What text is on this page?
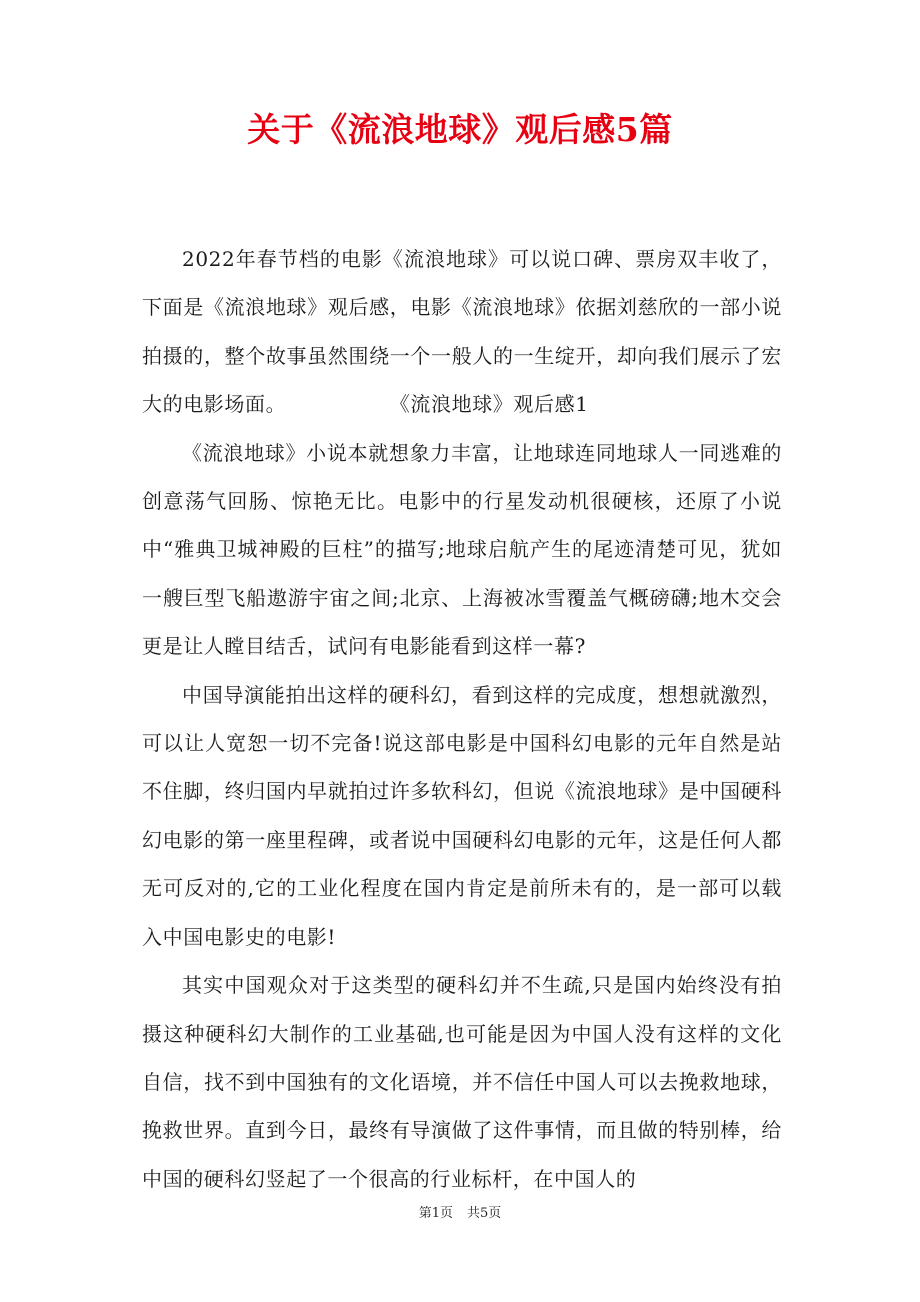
关于《流浪地球》观后感5篇

2022年春节档的电影《流浪地球》可以说口碑、票房双丰收了，下面是《流浪地球》观后感，电影《流浪地球》依据刘慈欣的一部小说拍摄的，整个故事虽然围绕一个一般人的一生绽开，却向我们展示了宏大的电影场面。　　　　　　《流浪地球》观后感1

《流浪地球》小说本就想象力丰富，让地球连同地球人一同逃难的创意荡气回肠、惊艳无比。电影中的行星发动机很硬核，还原了小说中“雅典卫城神殿的巨柱”的描写;地球启航产生的尾迹清楚可见，犹如一艘巨型飞船遨游宇宙之间;北京、上海被冰雪覆盖气概磅礴;地木交会更是让人瞠目结舌，试问有电影能看到这样一幕?

中国导演能拍出这样的硬科幻，看到这样的完成度，想想就激烈，可以让人宽恕一切不完备!说这部电影是中国科幻电影的元年自然是站不住脚，终归国内早就拍过许多软科幻，但说《流浪地球》是中国硬科幻电影的第一座里程碑，或者说中国硬科幻电影的元年，这是任何人都无可反对的,它的工业化程度在国内肯定是前所未有的，是一部可以载入中国电影史的电影!

其实中国观众对于这类型的硬科幻并不生疏,只是国内始终没有拍摄这种硬科幻大制作的工业基础,也可能是因为中国人没有这样的文化自信，找不到中国独有的文化语境，并不信任中国人可以去挽救地球，挽救世界。直到今日，最终有导演做了这件事情，而且做的特别棒，给中国的硬科幻竖起了一个很高的行业标杆，在中国人的

第1页 共5页
